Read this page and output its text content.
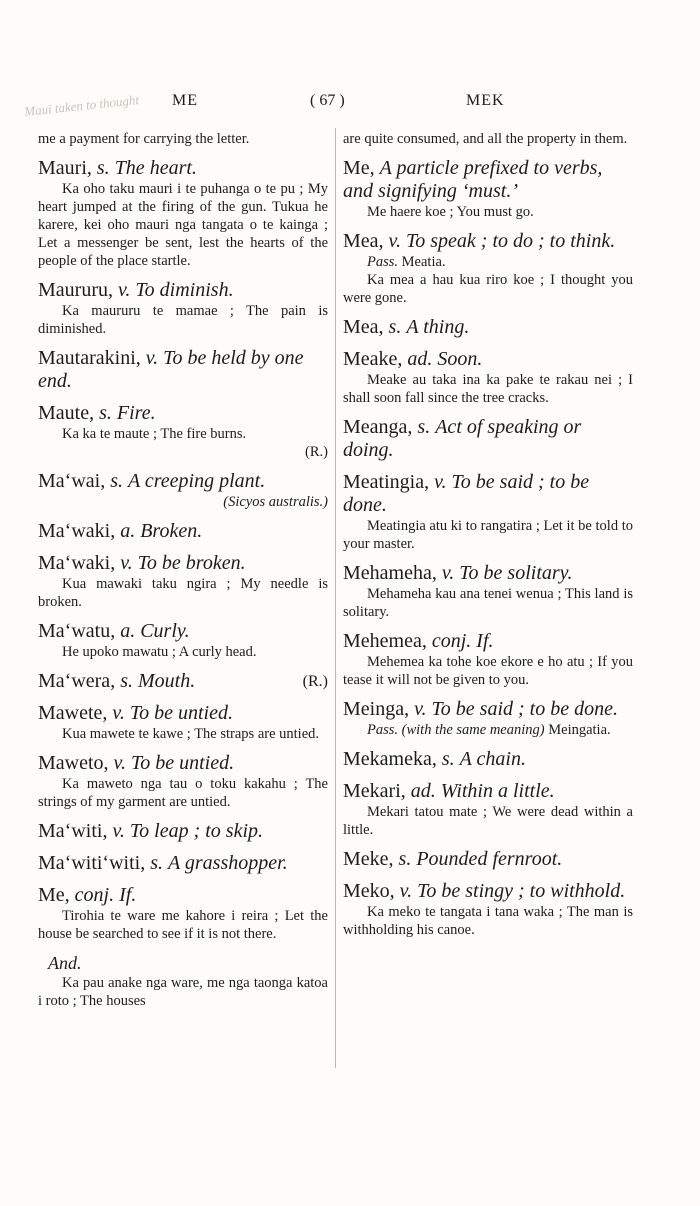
Maui taken to thought ME	( 67 )	MEK
me a payment for carrying the letter.
Mauri, s. The heart.
Ka oho taku mauri i te puhanga o te pu ; My heart jumped at the firing of the gun. Tukua he karere, kei oho mauri nga tangata o te kainga ; Let a messenger be sent, lest the hearts of the people of the place startle.
Maururu, v. To diminish.
Ka maururu te mamae ; The pain is diminished.
Mautarakini, v. To be held by one end.
Maute, s. Fire.
Ka ka te maute ; The fire burns.
(R.)
Ma‘wai, s. A creeping plant.
(Sicyos australis.)
Ma‘waki, a. Broken.
Ma‘waki, v. To be broken.
Kua mawaki taku ngira ; My needle is broken.
Ma‘watu, a. Curly.
He upoko mawatu ; A curly head.
Ma‘wera, s. Mouth.	(R.)
Mawete, v. To be untied.
Kua mawete te kawe ; The straps are untied.
Maweto, v. To be untied.
Ka maweto nga tau o toku kakahu ; The strings of my garment are untied.
Ma‘witi, v. To leap ; to skip.
Ma‘witi‘witi, s. A grasshopper.
Me, conj. If.
Tirohia te ware me kahore i reira ; Let the house be searched to see if it is not there.
And.
Ka pau anake nga ware, me nga taonga katoa i roto ; The houses
are quite consumed, and all the property in them.
Me, A particle prefixed to verbs, and signifying ‘must.’
Me haere koe ; You must go.
Mea, v. To speak ; to do ; to think.
Pass. Meatia.
Ka mea a hau kua riro koe ; I thought you were gone.
Mea, s. A thing.
Meake, ad. Soon.
Meake au taka ina ka pake te rakau nei ; I shall soon fall since the tree cracks.
Meanga, s. Act of speaking or doing.
Meatingia, v. To be said ; to be done.
Meatingia atu ki to rangatira ; Let it be told to your master.
Mehameha, v. To be solitary.
Mehameha kau ana tenei wenua ; This land is solitary.
Mehemea, conj. If.
Mehemea ka tohe koe ekore e ho atu ; If you tease it will not be given to you.
Meinga, v. To be said ; to be done.
Pass. (with the same meaning) Meingatia.
Mekameka, s. A chain.
Mekari, ad. Within a little.
Mekari tatou mate ; We were dead within a little.
Meke, s. Pounded fernroot.
Meko, v. To be stingy ; to withhold.
Ka meko te tangata i tana waka ; The man is withholding his canoe.
